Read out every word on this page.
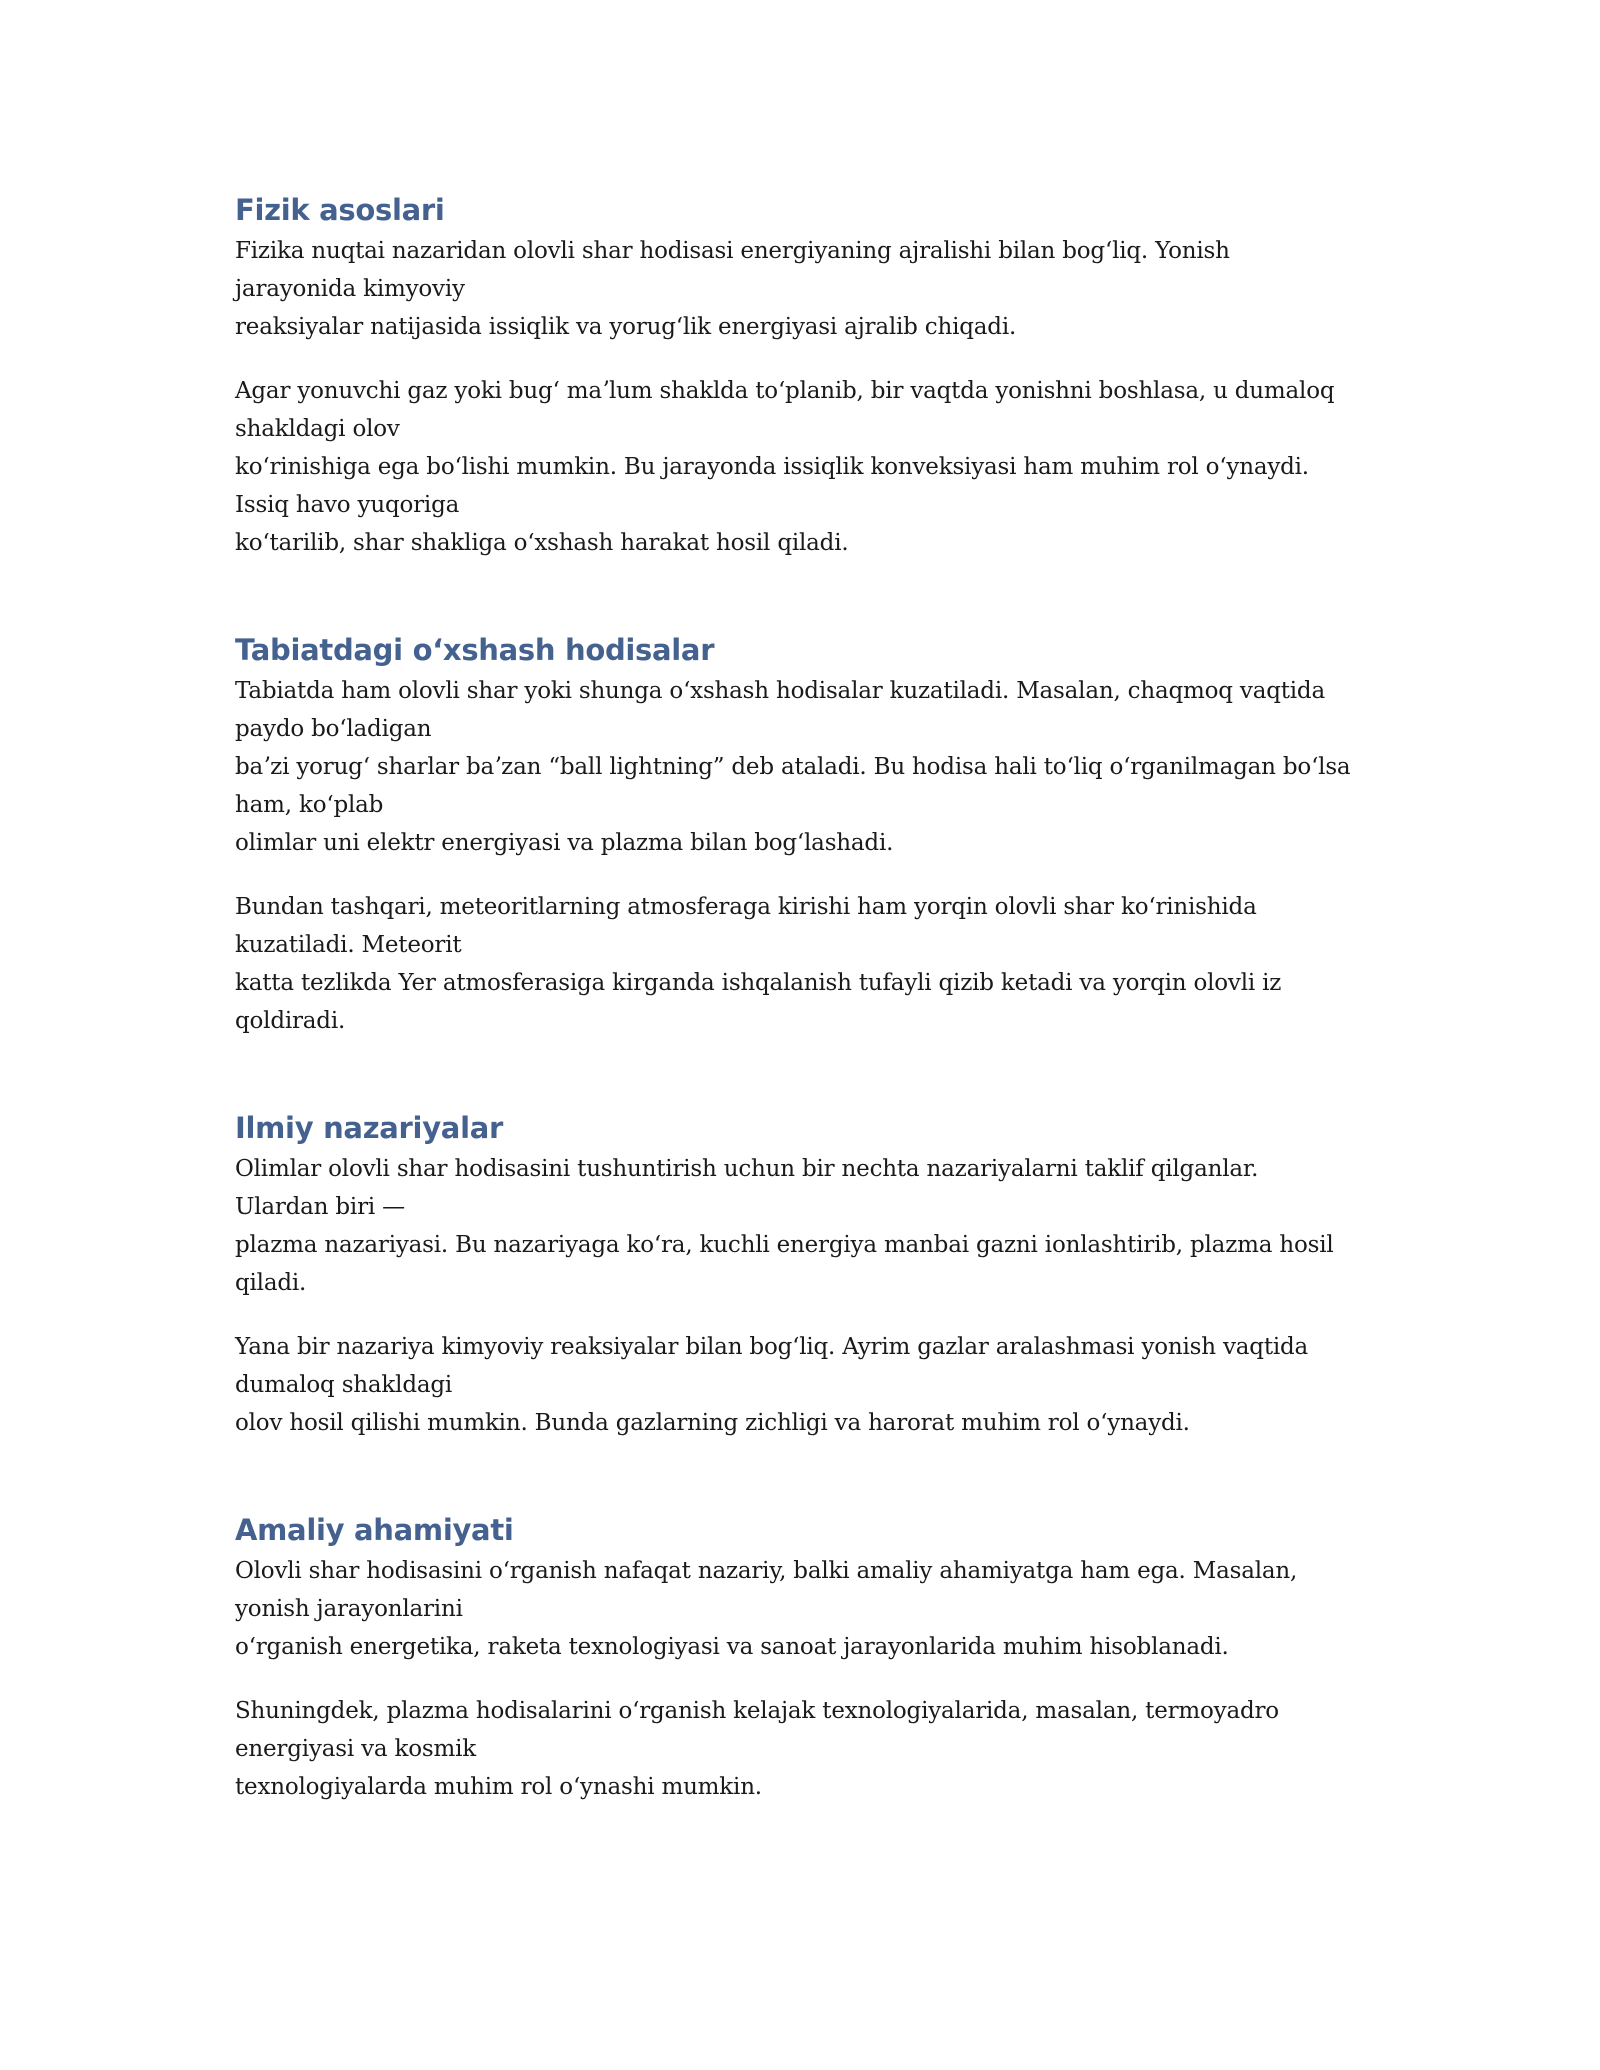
Fizik asoslari

Fizika nuqtai nazaridan olovli shar hodisasi energiyaning ajralishi bilan bogʻliq. Yonish
jarayonida kimyoviy
reaksiyalar natijasida issiqlik va yorugʻlik energiyasi ajralib chiqadi.

Agar yonuvchi gaz yoki bugʻ maʼlum shaklda toʻplanib, bir vaqtda yonishni boshlasa, u dumaloq
shakldagi olov
koʻrinishiga ega boʻlishi mumkin. Bu jarayonda issiqlik konveksiyasi ham muhim rol oʻynaydi.
Issiq havo yuqoriga
koʻtarilib, shar shakliga oʻxshash harakat hosil qiladi.

Tabiatdagi oʻxshash hodisalar

Tabiatda ham olovli shar yoki shunga oʻxshash hodisalar kuzatiladi. Masalan, chaqmoq vaqtida
paydo boʻladigan
baʼzi yorugʻ sharlar baʼzan “ball lightning” deb ataladi. Bu hodisa hali toʻliq oʻrganilmagan boʻlsa
ham, koʻplab
olimlar uni elektr energiyasi va plazma bilan bogʻlashadi.

Bundan tashqari, meteoritlarning atmosferaga kirishi ham yorqin olovli shar koʻrinishida
kuzatiladi. Meteorit
katta tezlikda Yer atmosferasiga kirganda ishqalanish tufayli qizib ketadi va yorqin olovli iz
qoldiradi.

Ilmiy nazariyalar

Olimlar olovli shar hodisasini tushuntirish uchun bir nechta nazariyalarni taklif qilganlar.
Ulardan biri —
plazma nazariyasi. Bu nazariyaga koʻra, kuchli energiya manbai gazni ionlashtirib, plazma hosil
qiladi.

Yana bir nazariya kimyoviy reaksiyalar bilan bogʻliq. Ayrim gazlar aralashmasi yonish vaqtida
dumaloq shakldagi
olov hosil qilishi mumkin. Bunda gazlarning zichligi va harorat muhim rol oʻynaydi.

Amaliy ahamiyati

Olovli shar hodisasini oʻrganish nafaqat nazariy, balki amaliy ahamiyatga ham ega. Masalan,
yonish jarayonlarini
oʻrganish energetika, raketa texnologiyasi va sanoat jarayonlarida muhim hisoblanadi.

Shuningdek, plazma hodisalarini oʻrganish kelajak texnologiyalarida, masalan, termoyadro
energiyasi va kosmik
texnologiyalarda muhim rol oʻynashi mumkin.
